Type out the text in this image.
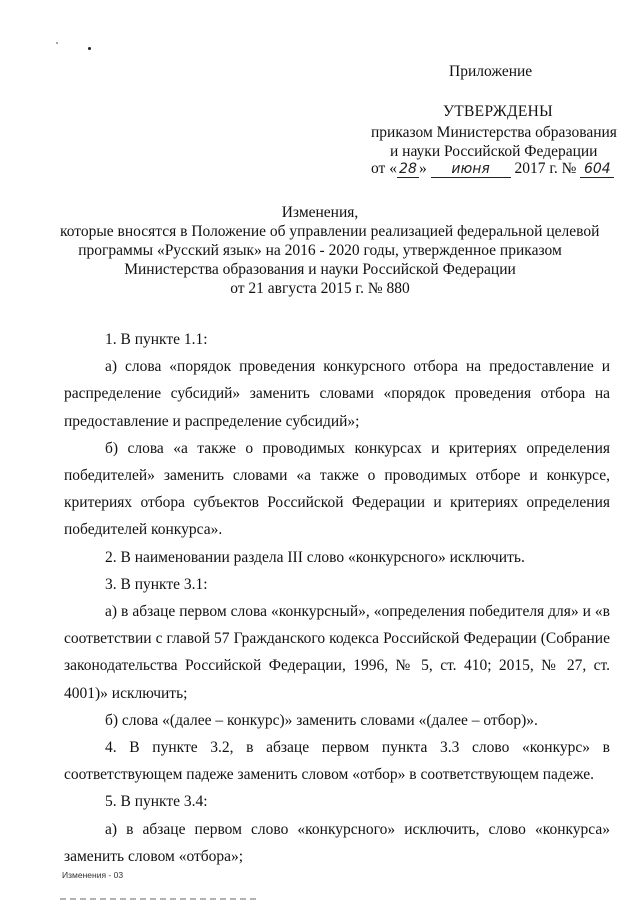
Приложение
УТВЕРЖДЕНЫ
приказом Министерства образования
и науки Российской Федерации
от « 28 » июня 2017 г. № 604
Изменения,
которые вносятся в Положение об управлении реализацией федеральной целевой
программы «Русский язык» на 2016 - 2020 годы, утвержденное приказом
Министерства образования и науки Российской Федерации
от 21 августа 2015 г. № 880

1. В пункте 1.1:

а) слова «порядок проведения конкурсного отбора на предоставление и распределение субсидий» заменить словами «порядок проведения отбора на предоставление и распределение субсидий»;

б) слова «а также о проводимых конкурсах и критериях определения победителей» заменить словами «а также о проводимых отборе и конкурсе, критериях отбора субъектов Российской Федерации и критериях определения победителей конкурса».

2. В наименовании раздела III слово «конкурсного» исключить.

3. В пункте 3.1:

а) в абзаце первом слова «конкурсный», «определения победителя для» и «в соответствии с главой 57 Гражданского кодекса Российской Федерации (Собрание законодательства Российской Федерации, 1996, № 5, ст. 410; 2015, № 27, ст. 4001)» исключить;

б) слова «(далее – конкурс)» заменить словами «(далее – отбор)».

4. В пункте 3.2, в абзаце первом пункта 3.3 слово «конкурс» в соответствующем падеже заменить словом «отбор» в соответствующем падеже.

5. В пункте 3.4:

а) в абзаце первом слово «конкурсного» исключить, слово «конкурса» заменить словом «отбора»;

Изменения - 03
